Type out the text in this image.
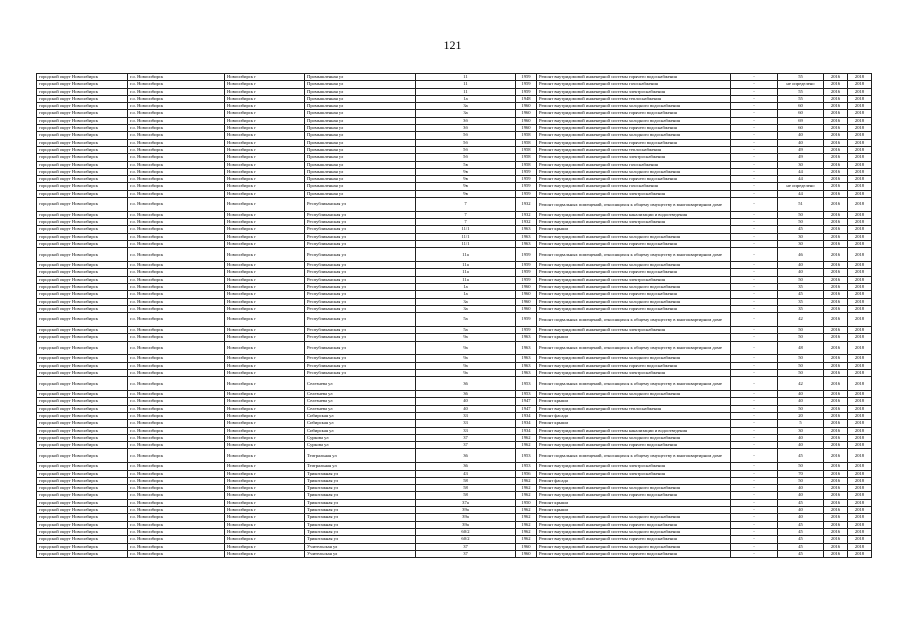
121
городской округ Новосибирск	г.о. Новосибирск	Новосибирск г	Промышленная ул	11	1959	Ремонт внутридомовой инженерной системы горячего водоснабжения	-	55	2016	2018
городской округ Новосибирск	г.о. Новосибирск	Новосибирск г	Промышленная ул	11	1959	Ремонт внутридомовой инженерной системы газоснабжения	-	не определено	2016	2018
городской округ Новосибирск	г.о. Новосибирск	Новосибирск г	Промышленная ул	11	1959	Ремонт внутридомовой инженерной системы электроснабжения	-	55	2016	2018
городской округ Новосибирск	г.о. Новосибирск	Новосибирск г	Промышленная ул	1а	1948	Ремонт внутридомовой инженерной системы теплоснабжения	-	55	2016	2018
городской округ Новосибирск	г.о. Новосибирск	Новосибирск г	Промышленная ул	3а	1960	Ремонт внутридомовой инженерной системы холодного водоснабжения	-	60	2016	2018
городской округ Новосибирск	г.о. Новосибирск	Новосибирск г	Промышленная ул	3а	1960	Ремонт внутридомовой инженерной системы горячего водоснабжения	-	60	2016	2018
городской округ Новосибирск	г.о. Новосибирск	Новосибирск г	Промышленная ул	3б	1960	Ремонт внутридомовой инженерной системы холодного водоснабжения	-	69	2016	2018
городской округ Новосибирск	г.о. Новосибирск	Новосибирск г	Промышленная ул	3б	1960	Ремонт внутридомовой инженерной системы горячего водоснабжения	-	60	2016	2018
городской округ Новосибирск	г.о. Новосибирск	Новосибирск г	Промышленная ул	5б	1958	Ремонт внутридомовой инженерной системы холодного водоснабжения	-	40	2016	2018
городской округ Новосибирск	г.о. Новосибирск	Новосибирск г	Промышленная ул	5б	1958	Ремонт внутридомовой инженерной системы горячего водоснабжения	-	40	2016	2018
городской округ Новосибирск	г.о. Новосибирск	Новосибирск г	Промышленная ул	5б	1958	Ремонт внутридомовой инженерной системы теплоснабжения	-	49	2016	2018
городской округ Новосибирск	г.о. Новосибирск	Новосибирск г	Промышленная ул	5б	1958	Ремонт внутридомовой инженерной системы электроснабжения	-	49	2016	2018
городской округ Новосибирск	г.о. Новосибирск	Новосибирск г	Промышленная ул	5в	1958	Ремонт внутридомовой инженерной системы газоснабжения	-	30	2016	2018
городской округ Новосибирск	г.о. Новосибирск	Новосибирск г	Промышленная ул	9в	1959	Ремонт внутридомовой инженерной системы холодного водоснабжения	-	44	2016	2018
городской округ Новосибирск	г.о. Новосибирск	Новосибирск г	Промышленная ул	9в	1959	Ремонт внутридомовой инженерной системы горячего водоснабжения	-	44	2016	2018
городской округ Новосибирск	г.о. Новосибирск	Новосибирск г	Промышленная ул	9в	1959	Ремонт внутридомовой инженерной системы газоснабжения	-	не определено	2016	2018
городской округ Новосибирск	г.о. Новосибирск	Новосибирск г	Промышленная ул	9в	1959	Ремонт внутридомовой инженерной системы электроснабжения	-	44	2016	2018
городской округ Новосибирск	г.о. Новосибирск	Новосибирск г	Республиканская ул	7	1932	Ремонт подвальных помещений, относящихся к общему имуществу в многоквартирном доме	-	51	2016	2018
городской округ Новосибирск	г.о. Новосибирск	Новосибирск г	Республиканская ул	7	1932	Ремонт внутридомовой инженерной системы канализации и водоотведения	-	50	2016	2018
городской округ Новосибирск	г.о. Новосибирск	Новосибирск г	Республиканская ул	7	1932	Ремонт внутридомовой инженерной системы электроснабжения	-	50	2016	2018
городской округ Новосибирск	г.о. Новосибирск	Новосибирск г	Республиканская ул	11/1	1963	Ремонт крыши	-	45	2016	2018
городской округ Новосибирск	г.о. Новосибирск	Новосибирск г	Республиканская ул	11/1	1963	Ремонт внутридомовой инженерной системы холодного водоснабжения	-	30	2016	2018
городской округ Новосибирск	г.о. Новосибирск	Новосибирск г	Республиканская ул	11/1	1963	Ремонт внутридомовой инженерной системы горячего водоснабжения	-	30	2016	2018
городской округ Новосибирск	г.о. Новосибирск	Новосибирск г	Республиканская ул	11а	1959	Ремонт подвальных помещений, относящихся к общему имуществу в многоквартирном доме	-	46	2016	2018
городской округ Новосибирск	г.о. Новосибирск	Новосибирск г	Республиканская ул	11а	1959	Ремонт внутридомовой инженерной системы холодного водоснабжения	-	40	2016	2018
городской округ Новосибирск	г.о. Новосибирск	Новосибирск г	Республиканская ул	11а	1959	Ремонт внутридомовой инженерной системы горячего водоснабжения	-	40	2016	2018
городской округ Новосибирск	г.о. Новосибирск	Новосибирск г	Республиканская ул	11а	1959	Ремонт внутридомовой инженерной системы электроснабжения	-	50	2016	2018
городской округ Новосибирск	г.о. Новосибирск	Новосибирск г	Республиканская ул	1а	1960	Ремонт внутридомовой инженерной системы холодного водоснабжения	-	35	2016	2018
городской округ Новосибирск	г.о. Новосибирск	Новосибирск г	Республиканская ул	1а	1960	Ремонт внутридомовой инженерной системы горячего водоснабжения	-	45	2016	2018
городской округ Новосибирск	г.о. Новосибирск	Новосибирск г	Республиканская ул	3а	1960	Ремонт внутридомовой инженерной системы холодного водоснабжения	-	35	2016	2018
городской округ Новосибирск	г.о. Новосибирск	Новосибирск г	Республиканская ул	3а	1960	Ремонт внутридомовой инженерной системы горячего водоснабжения	-	35	2016	2018
городской округ Новосибирск	г.о. Новосибирск	Новосибирск г	Республиканская ул	5а	1959	Ремонт подвальных помещений, относящихся к общему имуществу в многоквартирном доме	-	42	2016	2018
городской округ Новосибирск	г.о. Новосибирск	Новосибирск г	Республиканская ул	5а	1959	Ремонт внутридомовой инженерной системы электроснабжения	-	50	2016	2018
городской округ Новосибирск	г.о. Новосибирск	Новосибирск г	Республиканская ул	9а	1963	Ремонт крыши	-	50	2016	2018
городской округ Новосибирск	г.о. Новосибирск	Новосибирск г	Республиканская ул	9а	1963	Ремонт подвальных помещений, относящихся к общему имуществу в многоквартирном доме	-	48	2016	2018
городской округ Новосибирск	г.о. Новосибирск	Новосибирск г	Республиканская ул	9а	1963	Ремонт внутридомовой инженерной системы холодного водоснабжения	-	50	2016	2018
городской округ Новосибирск	г.о. Новосибирск	Новосибирск г	Республиканская ул	9а	1963	Ремонт внутридомовой инженерной системы горячего водоснабжения	-	50	2016	2018
городской округ Новосибирск	г.о. Новосибирск	Новосибирск г	Республиканская ул	9а	1963	Ремонт внутридомовой инженерной системы электроснабжения	-	50	2016	2018
городской округ Новосибирск	г.о. Новосибирск	Новосибирск г	Селезнева ул	36	1953	Ремонт подвальных помещений, относящихся к общему имуществу в многоквартирном доме	-	42	2016	2018
городской округ Новосибирск	г.о. Новосибирск	Новосибирск г	Селезнева ул	36	1953	Ремонт внутридомовой инженерной системы холодного водоснабжения	-	40	2016	2018
городской округ Новосибирск	г.о. Новосибирск	Новосибирск г	Селезнева ул	40	1947	Ремонт крыши	-	40	2016	2018
городской округ Новосибирск	г.о. Новосибирск	Новосибирск г	Селезнева ул	40	1947	Ремонт внутридомовой инженерной системы теплоснабжения	-	50	2016	2018
городской округ Новосибирск	г.о. Новосибирск	Новосибирск г	Сибирская ул	33	1934	Ремонт фасада	-	20	2016	2018
городской округ Новосибирск	г.о. Новосибирск	Новосибирск г	Сибирская ул	33	1934	Ремонт крыши	-	5	2016	2018
городской округ Новосибирск	г.о. Новосибирск	Новосибирск г	Сибирская ул	33	1934	Ремонт внутридомовой инженерной системы канализации и водоотведения	-	30	2016	2018
городской округ Новосибирск	г.о. Новосибирск	Новосибирск г	Суркова ул	37	1962	Ремонт внутридомовой инженерной системы холодного водоснабжения	-	40	2016	2018
городской округ Новосибирск	г.о. Новосибирск	Новосибирск г	Суркова ул	37	1962	Ремонт внутридомовой инженерной системы горячего водоснабжения	-	40	2016	2018
городской округ Новосибирск	г.о. Новосибирск	Новосибирск г	Театральная ул	36	1953	Ремонт подвальных помещений, относящихся к общему имуществу в многоквартирном доме	-	45	2016	2018
городской округ Новосибирск	г.о. Новосибирск	Новосибирск г	Театральная ул	36	1953	Ремонт внутридомовой инженерной системы электроснабжения	-	50	2016	2018
городской округ Новосибирск	г.о. Новосибирск	Новосибирск г	Трикотажная ул	43	1956	Ремонт внутридомовой инженерной системы электроснабжения	-	70	2016	2018
городской округ Новосибирск	г.о. Новосибирск	Новосибирск г	Трикотажная ул	58	1962	Ремонт фасада	-	50	2016	2018
городской округ Новосибирск	г.о. Новосибирск	Новосибирск г	Трикотажная ул	58	1962	Ремонт внутридомовой инженерной системы холодного водоснабжения	-	40	2016	2018
городской округ Новосибирск	г.о. Новосибирск	Новосибирск г	Трикотажная ул	58	1962	Ремонт внутридомовой инженерной системы горячего водоснабжения	-	40	2016	2018
городской округ Новосибирск	г.о. Новосибирск	Новосибирск г	Трикотажная ул	37а	1950	Ремонт крыши	-	45	2016	2018
городской округ Новосибирск	г.о. Новосибирск	Новосибирск г	Трикотажная ул	39а	1962	Ремонт крыши	-	40	2016	2018
городской округ Новосибирск	г.о. Новосибирск	Новосибирск г	Трикотажная ул	39а	1962	Ремонт внутридомовой инженерной системы холодного водоснабжения	-	40	2016	2018
городской округ Новосибирск	г.о. Новосибирск	Новосибирск г	Трикотажная ул	39а	1962	Ремонт внутридомовой инженерной системы горячего водоснабжения	-	45	2016	2018
городской округ Новосибирск	г.о. Новосибирск	Новосибирск г	Трикотажная ул	60/2	1962	Ремонт внутридомовой инженерной системы холодного водоснабжения	-	45	2016	2018
городской округ Новосибирск	г.о. Новосибирск	Новосибирск г	Трикотажная ул	60/2	1962	Ремонт внутридомовой инженерной системы горячего водоснабжения	-	45	2016	2018
городской округ Новосибирск	г.о. Новосибирск	Новосибирск г	Учительская ул	37	1960	Ремонт внутридомовой инженерной системы холодного водоснабжения	-	45	2016	2018
городской округ Новосибирск	г.о. Новосибирск	Новосибирск г	Учительская ул	37	1960	Ремонт внутридомовой инженерной системы горячего водоснабжения	-	45	2016	2018
